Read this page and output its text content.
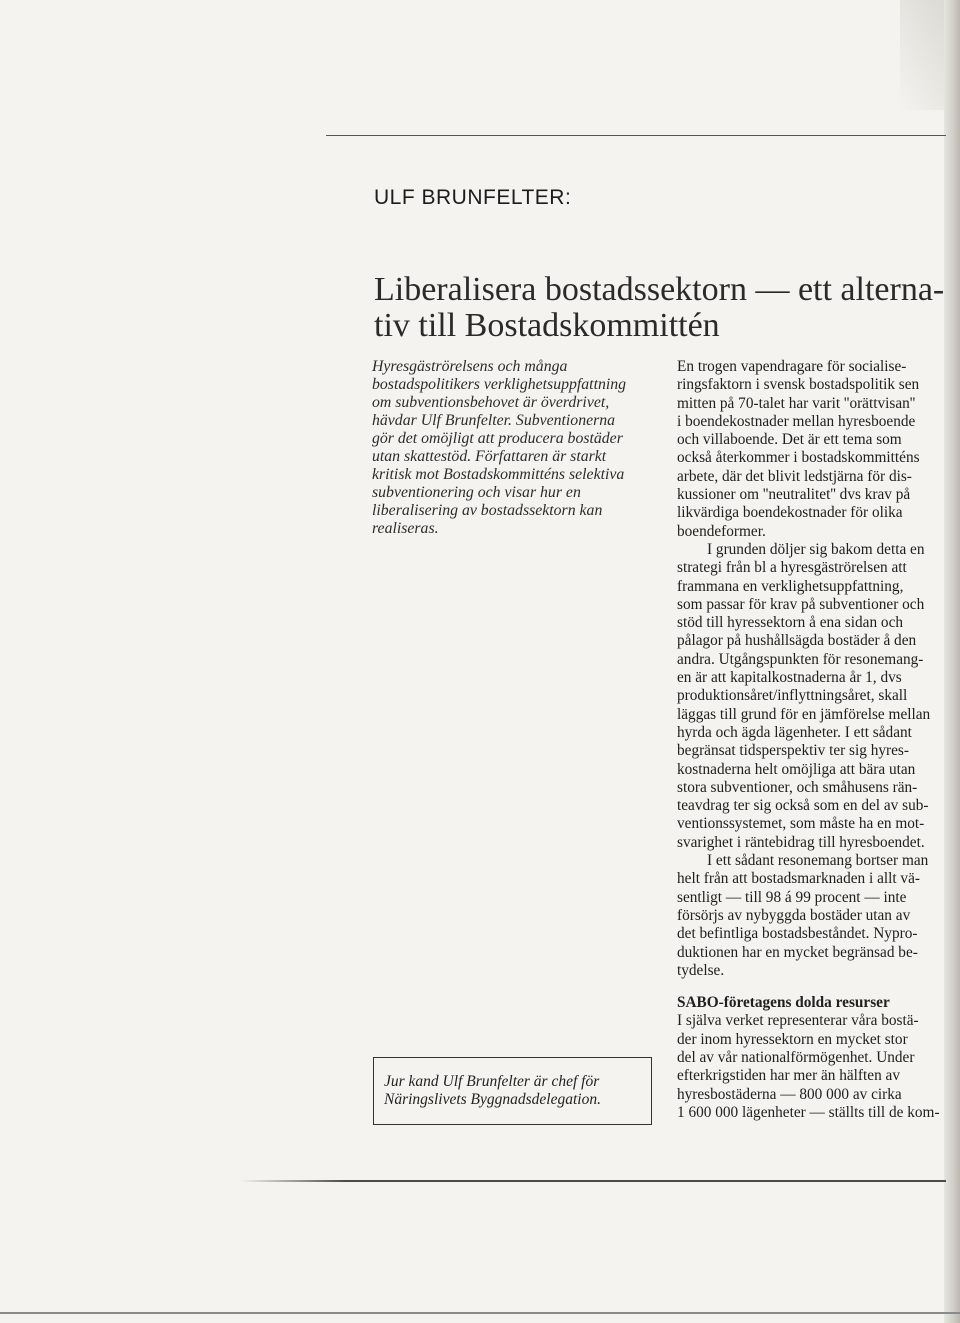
ULF BRUNFELTER:
Liberalisera bostadssektorn — ett alterna-
tiv till Bostadskommittén

Hyresgäströrelsens och många
bostadspolitikers verklighetsuppfattning
om subventionsbehovet är överdrivet,
hävdar Ulf Brunfelter. Subventionerna
gör det omöjligt att producera bostäder
utan skattestöd. Författaren är starkt
kritisk mot Bostadskommitténs selektiva
subventionering och visar hur en
liberalisering av bostadssektorn kan
realiseras.

Jur kand Ulf Brunfelter är chef för
Näringslivets Byggnadsdelegation.

En trogen vapendragare för socialise-
ringsfaktorn i svensk bostadspolitik sen
mitten på 70-talet har varit ''orättvisan''
i boendekostnader mellan hyresboende
och villaboende. Det är ett tema som
också återkommer i bostadskommitténs
arbete, där det blivit ledstjärna för dis-
kussioner om ''neutralitet'' dvs krav på
likvärdiga boendekostnader för olika
boendeformer.
I grunden döljer sig bakom detta en
strategi från bl a hyresgäströrelsen att
frammana en verklighetsuppfattning,
som passar för krav på subventioner och
stöd till hyressektorn å ena sidan och
pålagor på hushållsägda bostäder å den
andra. Utgångspunkten för resonemang-
en är att kapitalkostnaderna år 1, dvs
produktionsåret/inflyttningsåret, skall
läggas till grund för en jämförelse mellan
hyrda och ägda lägenheter. I ett sådant
begränsat tidsperspektiv ter sig hyres-
kostnaderna helt omöjliga att bära utan
stora subventioner, och småhusens rän-
teavdrag ter sig också som en del av sub-
ventionssystemet, som måste ha en mot-
svarighet i räntebidrag till hyresboendet.
I ett sådant resonemang bortser man
helt från att bostadsmarknaden i allt vä-
sentligt — till 98 á 99 procent — inte
försörjs av nybyggda bostäder utan av
det befintliga bostadsbeståndet. Nypro-
duktionen har en mycket begränsad be-
tydelse.
SABO-företagens dolda resurser
I själva verket representerar våra bostä-
der inom hyressektorn en mycket stor
del av vår nationalförmögenhet. Under
efterkrigstiden har mer än hälften av
hyresbostäderna — 800 000 av cirka
1 600 000 lägenheter — ställts till de kom-
